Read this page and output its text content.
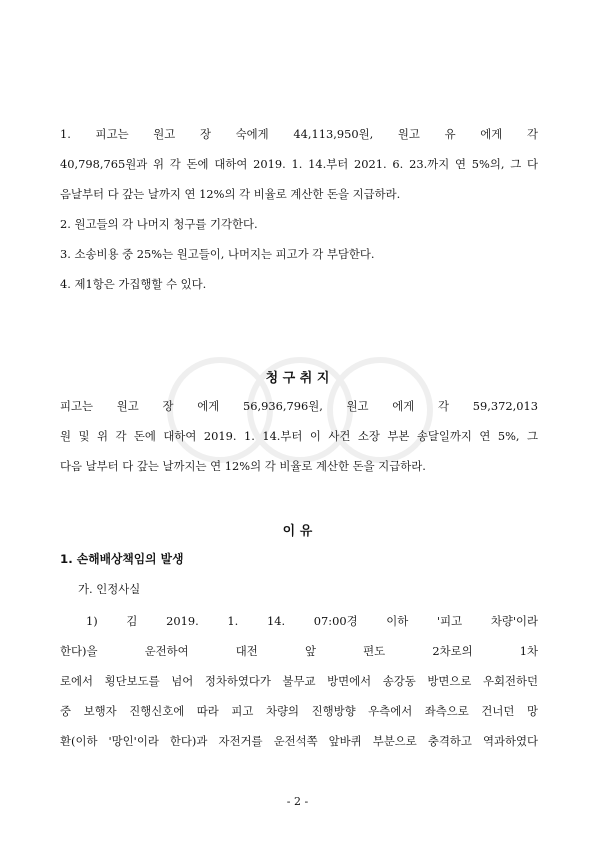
1. 피고는 원고 장 숙에게 44,113,950원, 원고 유 에게 각
40,798,765원과 위 각 돈에 대하여 2019. 1. 14.부터 2021. 6. 23.까지 연 5%의, 그 다
음날부터 다 갚는 날까지 연 12%의 각 비율로 계산한 돈을 지급하라.
2. 원고들의 각 나머지 청구를 기각한다.
3. 소송비용 중 25%는 원고들이, 나머지는 피고가 각 부담한다.
4. 제1항은 가집행할 수 있다.
청 구 취 지
피고는 원고 장 에게 56,936,796원, 원고 에게 각 59,372,013
원 및 위 각 돈에 대하여 2019. 1. 14.부터 이 사건 소장 부본 송달일까지 연 5%, 그
다음 날부터 다 갚는 날까지는 연 12%의 각 비율로 계산한 돈을 지급하라.
이 유
1. 손해배상책임의 발생
가. 인정사실
1) 김 2019. 1. 14. 07:00경 이하 '피고 차량'이라
한다)을 운전하여 대전 앞 편도 2차로의 1차
로에서 횡단보도를 넘어 정차하였다가 불무교 방면에서 송강동 방면으로 우회전하던
중 보행자 진행신호에 따라 피고 차량의 진행방향 우측에서 좌측으로 건너던 망
환(이하 '망인'이라 한다)과 자전거를 운전석쪽 앞바퀴 부분으로 충격하고 역과하였다
- 2 -
